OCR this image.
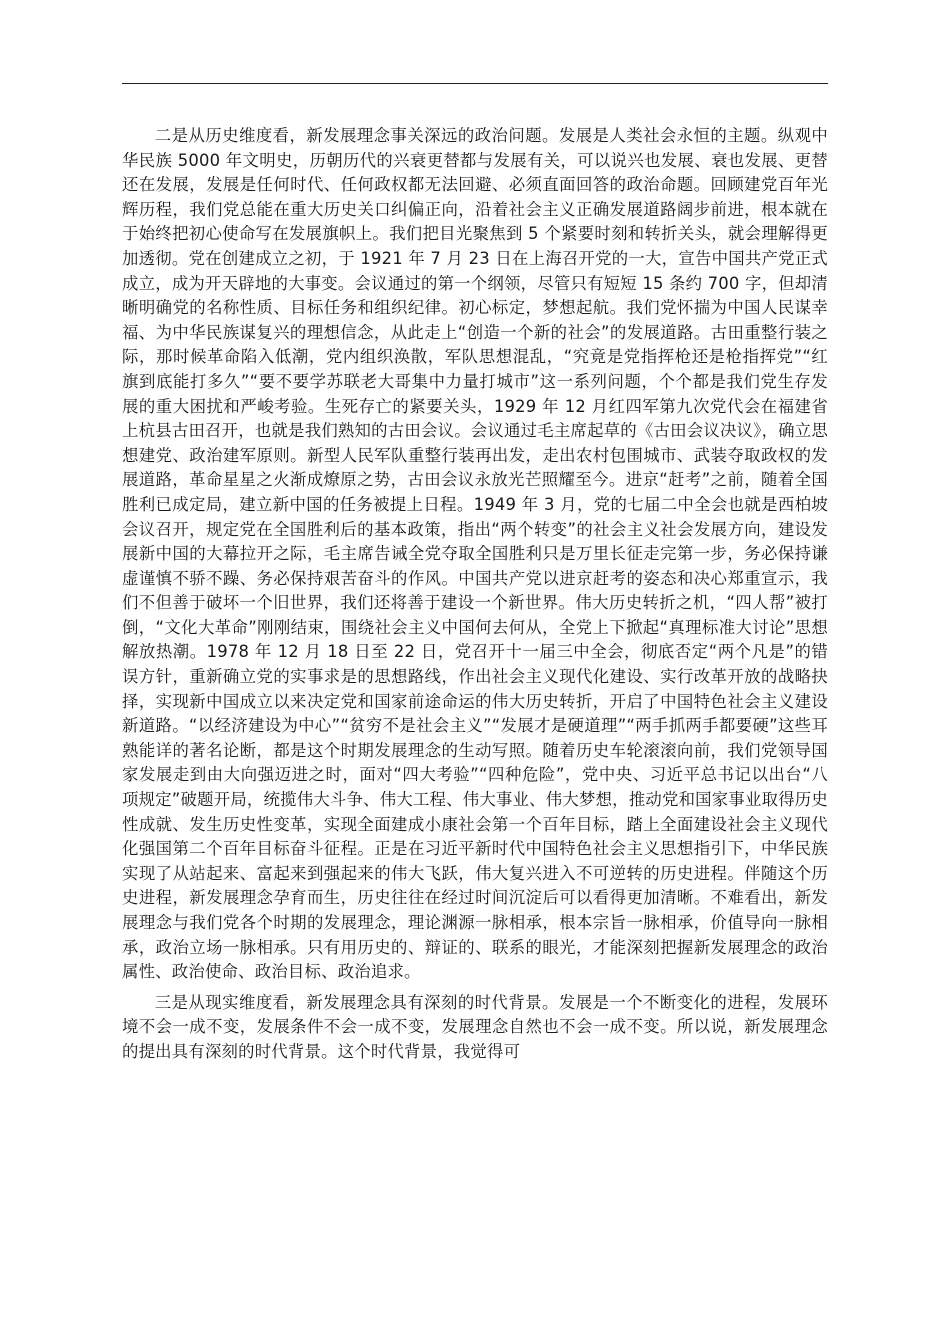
二是从历史维度看，新发展理念事关深远的政治问题。发展是人类社会永恒的主题。纵观中华民族 5000 年文明史，历朝历代的兴衰更替都与发展有关，可以说兴也发展、衰也发展、更替还在发展，发展是任何时代、任何政权都无法回避、必须直面回答的政治命题。回顾建党百年光辉历程，我们党总能在重大历史关口纠偏正向，沿着社会主义正确发展道路阔步前进，根本就在于始终把初心使命写在发展旗帜上。我们把目光聚焦到 5 个紧要时刻和转折关头，就会理解得更加透彻。党在创建成立之初，于 1921 年 7 月 23 日在上海召开党的一大，宣告中国共产党正式成立，成为开天辟地的大事变。会议通过的第一个纲领，尽管只有短短 15 条约 700 字，但却清晰明确党的名称性质、目标任务和组织纪律。初心标定，梦想起航。我们党怀揣为中国人民谋幸福、为中华民族谋复兴的理想信念，从此走上“创造一个新的社会”的发展道路。古田重整行装之际，那时候革命陷入低潮，党内组织涣散，军队思想混乱，“究竟是党指挥枪还是枪指挥党”“红旗到底能打多久”“要不要学苏联老大哥集中力量打城市”这一系列问题，个个都是我们党生存发展的重大困扰和严峻考验。生死存亡的紧要关头，1929 年 12 月红四军第九次党代会在福建省上杭县古田召开，也就是我们熟知的古田会议。会议通过毛主席起草的《古田会议决议》，确立思想建党、政治建军原则。新型人民军队重整行装再出发，走出农村包围城市、武装夺取政权的发展道路，革命星星之火渐成燎原之势，古田会议永放光芒照耀至今。进京“赶考”之前，随着全国胜利已成定局，建立新中国的任务被提上日程。1949 年 3 月，党的七届二中全会也就是西柏坡会议召开，规定党在全国胜利后的基本政策，指出“两个转变”的社会主义社会发展方向，建设发展新中国的大幕拉开之际，毛主席告诫全党夺取全国胜利只是万里长征走完第一步，务必保持谦虚谨慎不骄不躁、务必保持艰苦奋斗的作风。中国共产党以进京赶考的姿态和决心郑重宣示，我们不但善于破坏一个旧世界，我们还将善于建设一个新世界。伟大历史转折之机，“四人帮”被打倒，“文化大革命”刚刚结束，围绕社会主义中国何去何从，全党上下掀起“真理标准大讨论”思想解放热潮。1978 年 12 月 18 日至 22 日，党召开十一届三中全会，彻底否定“两个凡是”的错误方针，重新确立党的实事求是的思想路线，作出社会主义现代化建设、实行改革开放的战略抉择，实现新中国成立以来决定党和国家前途命运的伟大历史转折，开启了中国特色社会主义建设新道路。“以经济建设为中心”“贫穷不是社会主义”“发展才是硬道理”“两手抓两手都要硬”这些耳熟能详的著名论断，都是这个时期发展理念的生动写照。随着历史车轮滚滚向前，我们党领导国家发展走到由大向强迈进之时，面对“四大考验”“四种危险”，党中央、习近平总书记以出台“八项规定”破题开局，统揽伟大斗争、伟大工程、伟大事业、伟大梦想，推动党和国家事业取得历史性成就、发生历史性变革，实现全面建成小康社会第一个百年目标，踏上全面建设社会主义现代化强国第二个百年目标奋斗征程。正是在习近平新时代中国特色社会主义思想指引下，中华民族实现了从站起来、富起来到强起来的伟大飞跃，伟大复兴进入不可逆转的历史进程。伴随这个历史进程，新发展理念孕育而生，历史往往在经过时间沉淀后可以看得更加清晰。不难看出，新发展理念与我们党各个时期的发展理念，理论渊源一脉相承，根本宗旨一脉相承，价值导向一脉相承，政治立场一脉相承。只有用历史的、辩证的、联系的眼光，才能深刻把握新发展理念的政治属性、政治使命、政治目标、政治追求。

三是从现实维度看，新发展理念具有深刻的时代背景。发展是一个不断变化的进程，发展环境不会一成不变，发展条件不会一成不变，发展理念自然也不会一成不变。所以说，新发展理念的提出具有深刻的时代背景。这个时代背景，我觉得可
